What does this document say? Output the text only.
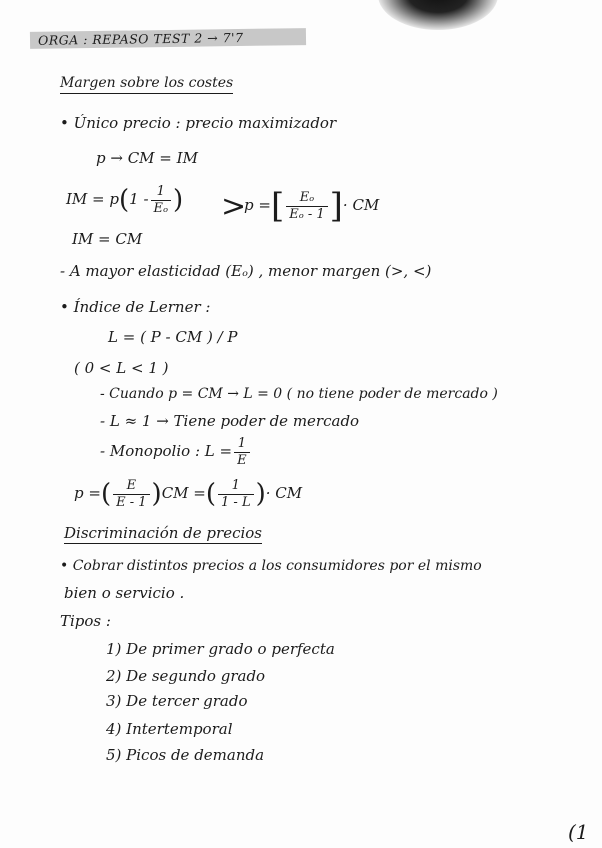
ORGA : REPASO TEST 2 → 7'7
Margen sobre los costes
• Único precio : precio maximizador
p → CM = IM
IM = $p(1 - \frac{1}{\text{Eₒ}}$ ) >
p =[ $\frac{\text{Eₒ}}{\text{Eₒ - 1}}$ ]· CM
IM = CM
- A mayor elasticidad (Eₒ) , menor margen (>, <)
• Índice de Lerner :
L = ( P - CM ) / P
( 0 < L < 1 )
- Cuando p = CM → L = 0 ( no tiene poder de mercado )
- L ≈ 1 → Tiene poder de mercado
- Monopolio : $L = \frac{1}{E}$
p =( $\frac{E}{E - 1} )CM$ =( $\frac{1}{1 - L}$ )· CM
Discriminación de precios
• Cobrar distintos precios a los consumidores por el mismo
bien o servicio .
Tipos :
1) De primer grado o perfecta
2) De segundo grado
3) De tercer grado
4) Intertemporal
5) Picos de demanda
(1
